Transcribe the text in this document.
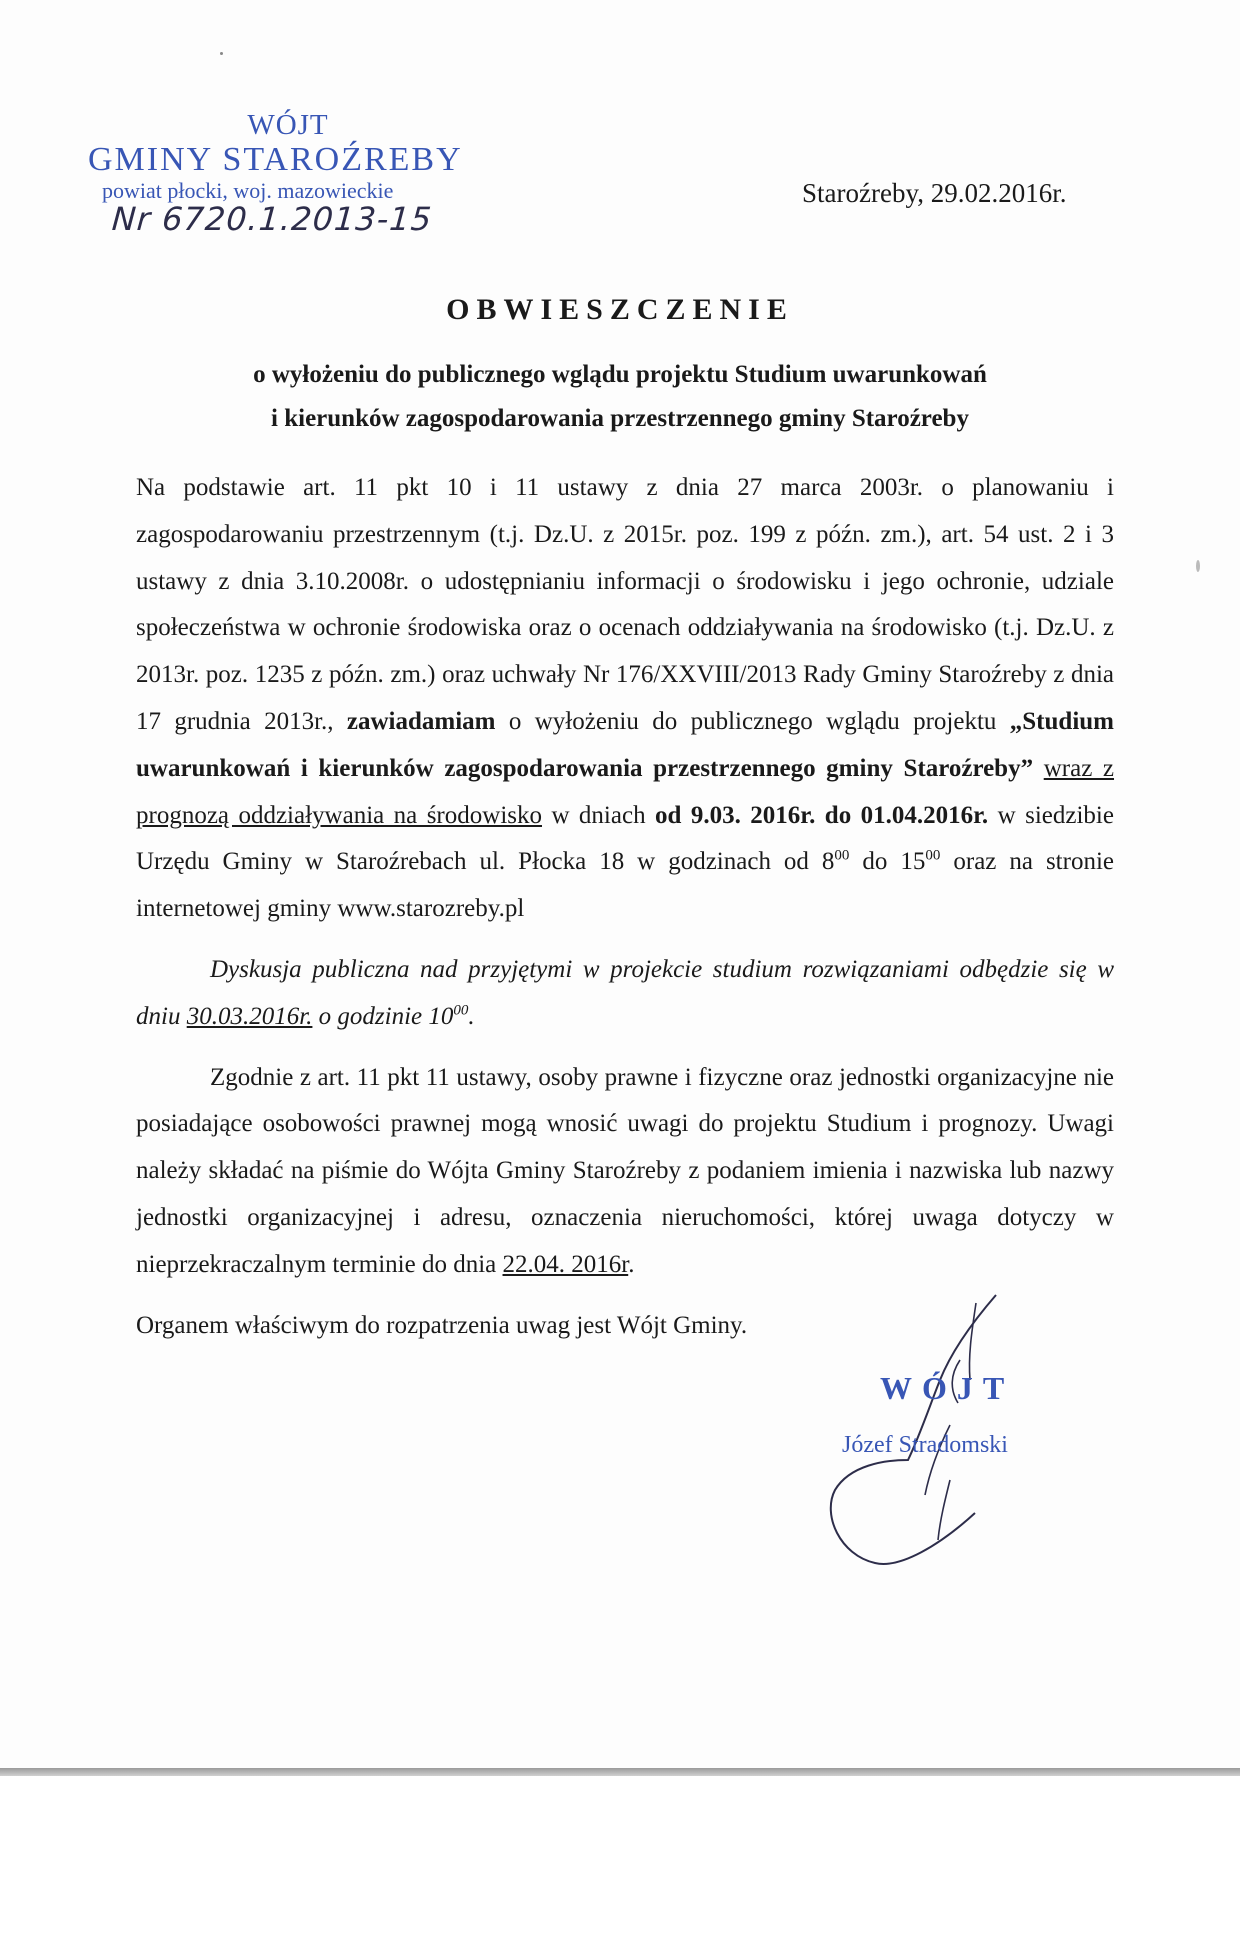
WÓJT
GMINY STAROŹREBY
powiat płocki, woj. mazowieckie
Nr 6720.1.2013-15
Staroźreby, 29.02.2016r.
OBWIESZCZENIE
o wyłożeniu do publicznego wglądu projektu Studium uwarunkowań
i kierunków zagospodarowania przestrzennego gminy Staroźreby

Na podstawie art. 11 pkt 10 i 11 ustawy z dnia 27 marca 2003r. o planowaniu i zagospodarowaniu przestrzennym (t.j. Dz.U. z 2015r. poz. 199 z późn. zm.), art. 54 ust. 2 i 3 ustawy z dnia 3.10.2008r. o udostępnianiu informacji o środowisku i jego ochronie, udziale społeczeństwa w ochronie środowiska oraz o ocenach oddziaływania na środowisko (t.j. Dz.U. z 2013r. poz. 1235 z późn. zm.) oraz uchwały Nr 176/XXVIII/2013 Rady Gminy Staroźreby z dnia 17 grudnia 2013r., zawiadamiam o wyłożeniu do publicznego wglądu projektu „Studium uwarunkowań i kierunków zagospodarowania przestrzennego gminy Staroźreby” wraz z prognozą oddziaływania na środowisko w dniach od 9.03. 2016r. do 01.04.2016r. w siedzibie Urzędu Gminy w Staroźrebach ul. Płocka 18 w godzinach od $8^{00}$ do $15^{00}$ oraz na stronie internetowej gminy www.starozreby.pl

Dyskusja publiczna nad przyjętymi w projekcie studium rozwiązaniami odbędzie się w dniu 30.03.2016r. o godzinie $10^{00}$.

Zgodnie z art. 11 pkt 11 ustawy, osoby prawne i fizyczne oraz jednostki organizacyjne nie posiadające osobowości prawnej mogą wnosić uwagi do projektu Studium i prognozy. Uwagi należy składać na piśmie do Wójta Gminy Staroźreby z podaniem imienia i nazwiska lub nazwy jednostki organizacyjnej i adresu, oznaczenia nieruchomości, której uwaga dotyczy w nieprzekraczalnym terminie do dnia 22.04. 2016r.

Organem właściwym do rozpatrzenia uwag jest Wójt Gminy.

WÓJT
Józef Stradomski
